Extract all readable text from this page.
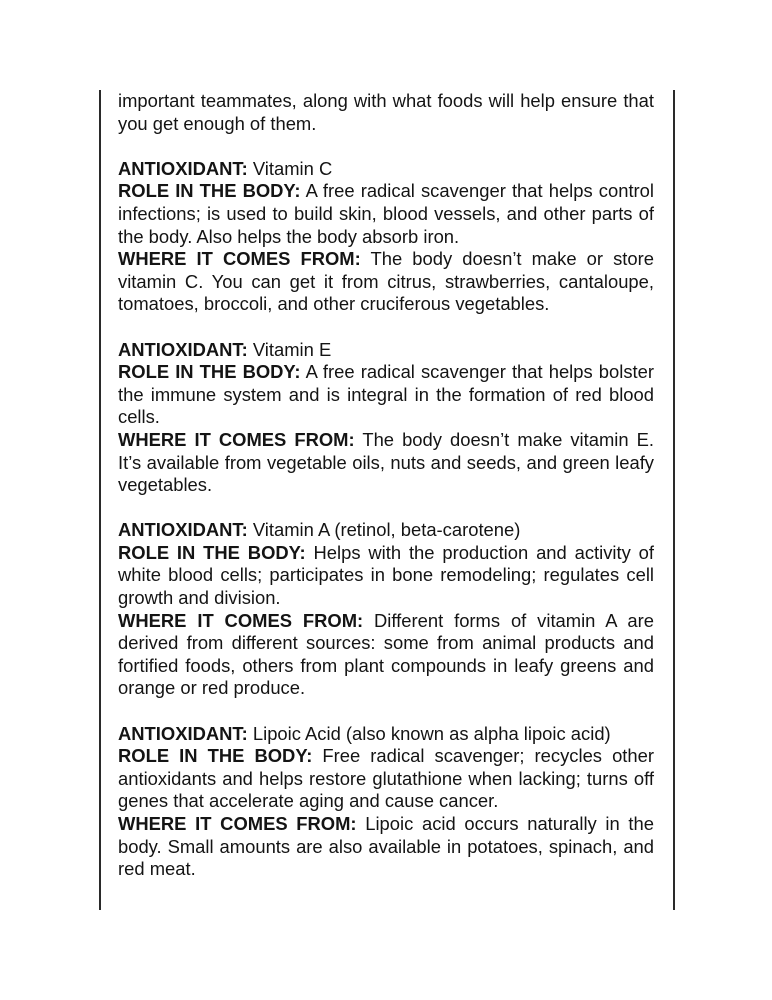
important teammates, along with what foods will help ensure that you get enough of them.

ANTIOXIDANT: Vitamin C

ROLE IN THE BODY: A free radical scavenger that helps control infections; is used to build skin, blood vessels, and other parts of the body. Also helps the body absorb iron.

WHERE IT COMES FROM: The body doesn’t make or store vitamin C. You can get it from citrus, strawberries, cantaloupe, tomatoes, broccoli, and other cruciferous vegetables.

ANTIOXIDANT: Vitamin E

ROLE IN THE BODY: A free radical scavenger that helps bolster the immune system and is integral in the formation of red blood cells.

WHERE IT COMES FROM: The body doesn’t make vitamin E. It’s available from vegetable oils, nuts and seeds, and green leafy vegetables.

ANTIOXIDANT: Vitamin A (retinol, beta-carotene)

ROLE IN THE BODY: Helps with the production and activity of white blood cells; participates in bone remodeling; regulates cell growth and division.

WHERE IT COMES FROM: Different forms of vitamin A are derived from different sources: some from animal products and fortified foods, others from plant compounds in leafy greens and orange or red produce.

ANTIOXIDANT: Lipoic Acid (also known as alpha lipoic acid)

ROLE IN THE BODY: Free radical scavenger; recycles other antioxidants and helps restore glutathione when lacking; turns off genes that accelerate aging and cause cancer.

WHERE IT COMES FROM: Lipoic acid occurs naturally in the body. Small amounts are also available in potatoes, spinach, and red meat.
